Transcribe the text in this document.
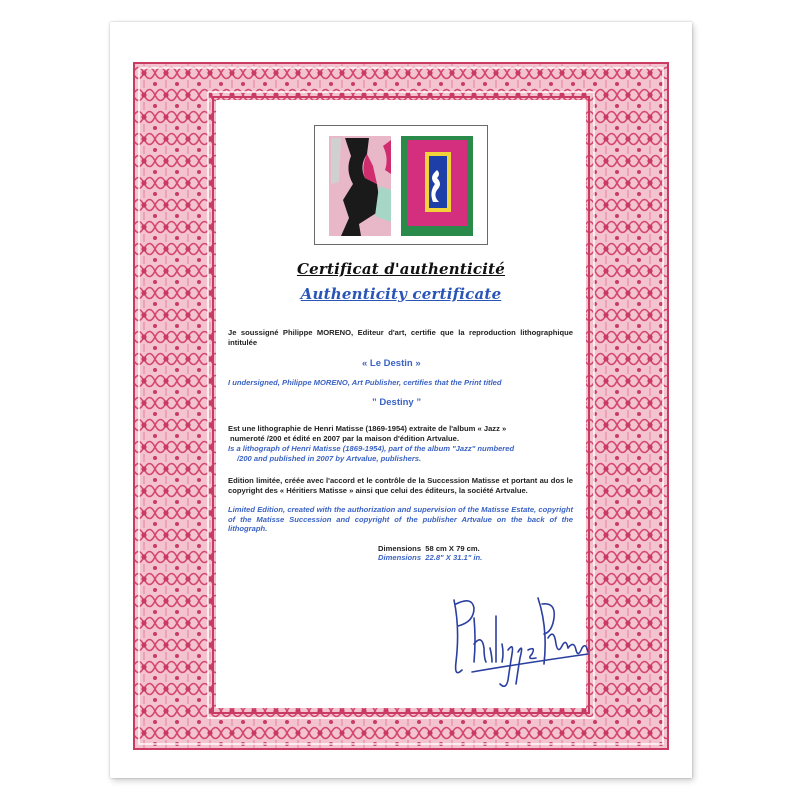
Certificat d'authenticité
Authenticity certificate
Je soussigné Philippe MORENO, Editeur d'art, certifie que la reproduction lithographique intitulée
« Le Destin »
I undersigned, Philippe MORENO, Art Publisher, certifies that the Print titled
” Destiny ”
Est une lithographie de Henri Matisse (1869-1954) extraite de l'album « Jazz »
numeroté /200 et édité en 2007 par la maison d'édition Artvalue.
Is a lithograph of Henri Matisse (1869-1954), part of the album "Jazz" numbered
/200 and published in 2007 by Artvalue, publishers.
Edition limitée, créée avec l'accord et le contrôle de la Succession Matisse et portant au dos le copyright des « Héritiers Matisse » ainsi que celui des éditeurs, la société Artvalue.
Limited Edition, created with the authorization and supervision of the Matisse Estate, copyright of the Matisse Succession and copyright of the publisher Artvalue on the back of the lithograph.
Dimensions 58 cm X 79 cm.
Dimensions 22.8" X 31.1" in.
